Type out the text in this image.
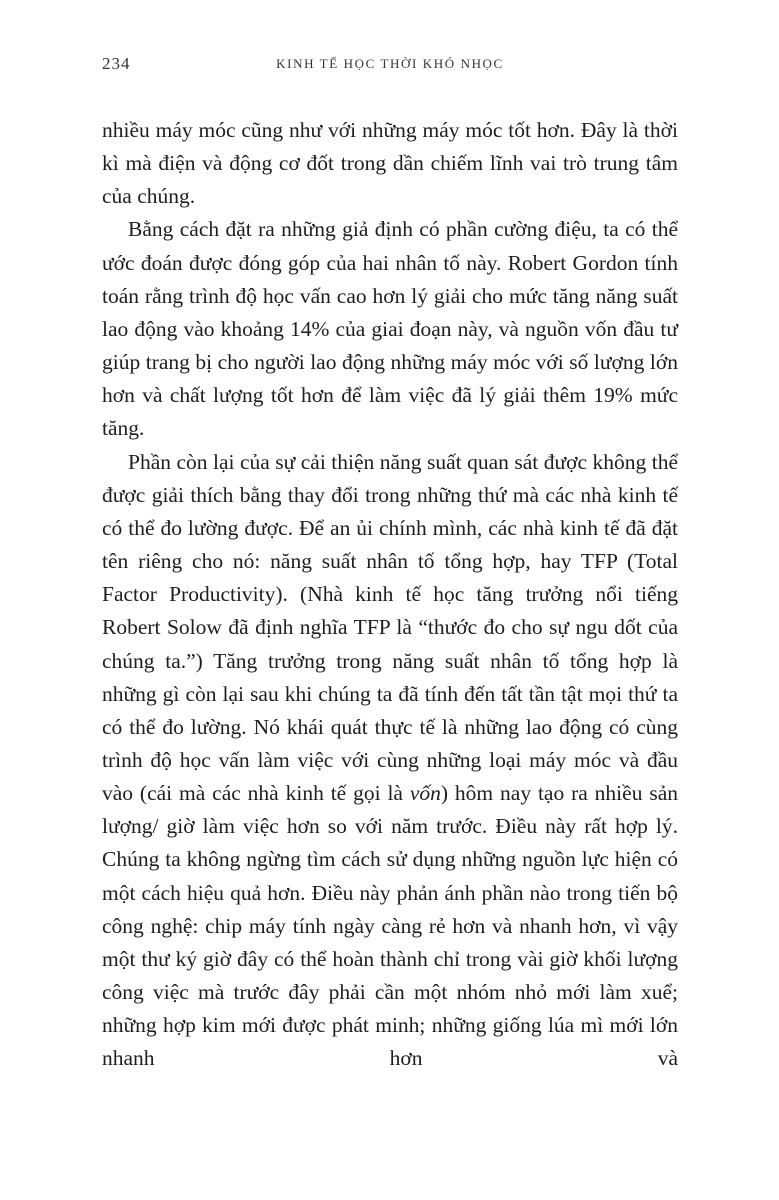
234	KINH TẾ HỌC THỜI KHÓ NHỌC

nhiều máy móc cũng như với những máy móc tốt hơn. Đây là thời kì mà điện và động cơ đốt trong dần chiếm lĩnh vai trò trung tâm của chúng.

Bằng cách đặt ra những giả định có phần cường điệu, ta có thể ước đoán được đóng góp của hai nhân tố này. Robert Gordon tính toán rằng trình độ học vấn cao hơn lý giải cho mức tăng năng suất lao động vào khoảng 14% của giai đoạn này, và nguồn vốn đầu tư giúp trang bị cho người lao động những máy móc với số lượng lớn hơn và chất lượng tốt hơn để làm việc đã lý giải thêm 19% mức tăng.

Phần còn lại của sự cải thiện năng suất quan sát được không thể được giải thích bằng thay đổi trong những thứ mà các nhà kinh tế có thể đo lường được. Để an ủi chính mình, các nhà kinh tế đã đặt tên riêng cho nó: năng suất nhân tố tổng hợp, hay TFP (Total Factor Productivity). (Nhà kinh tế học tăng trưởng nổi tiếng Robert Solow đã định nghĩa TFP là “thước đo cho sự ngu dốt của chúng ta.”) Tăng trưởng trong năng suất nhân tố tổng hợp là những gì còn lại sau khi chúng ta đã tính đến tất tần tật mọi thứ ta có thể đo lường. Nó khái quát thực tế là những lao động có cùng trình độ học vấn làm việc với cùng những loại máy móc và đầu vào (cái mà các nhà kinh tế gọi là vốn) hôm nay tạo ra nhiều sản lượng/ giờ làm việc hơn so với năm trước. Điều này rất hợp lý. Chúng ta không ngừng tìm cách sử dụng những nguồn lực hiện có một cách hiệu quả hơn. Điều này phản ánh phần nào trong tiến bộ công nghệ: chip máy tính ngày càng rẻ hơn và nhanh hơn, vì vậy một thư ký giờ đây có thể hoàn thành chỉ trong vài giờ khối lượng công việc mà trước đây phải cần một nhóm nhỏ mới làm xuể; những hợp kim mới được phát minh; những giống lúa mì mới lớn nhanh hơn và
